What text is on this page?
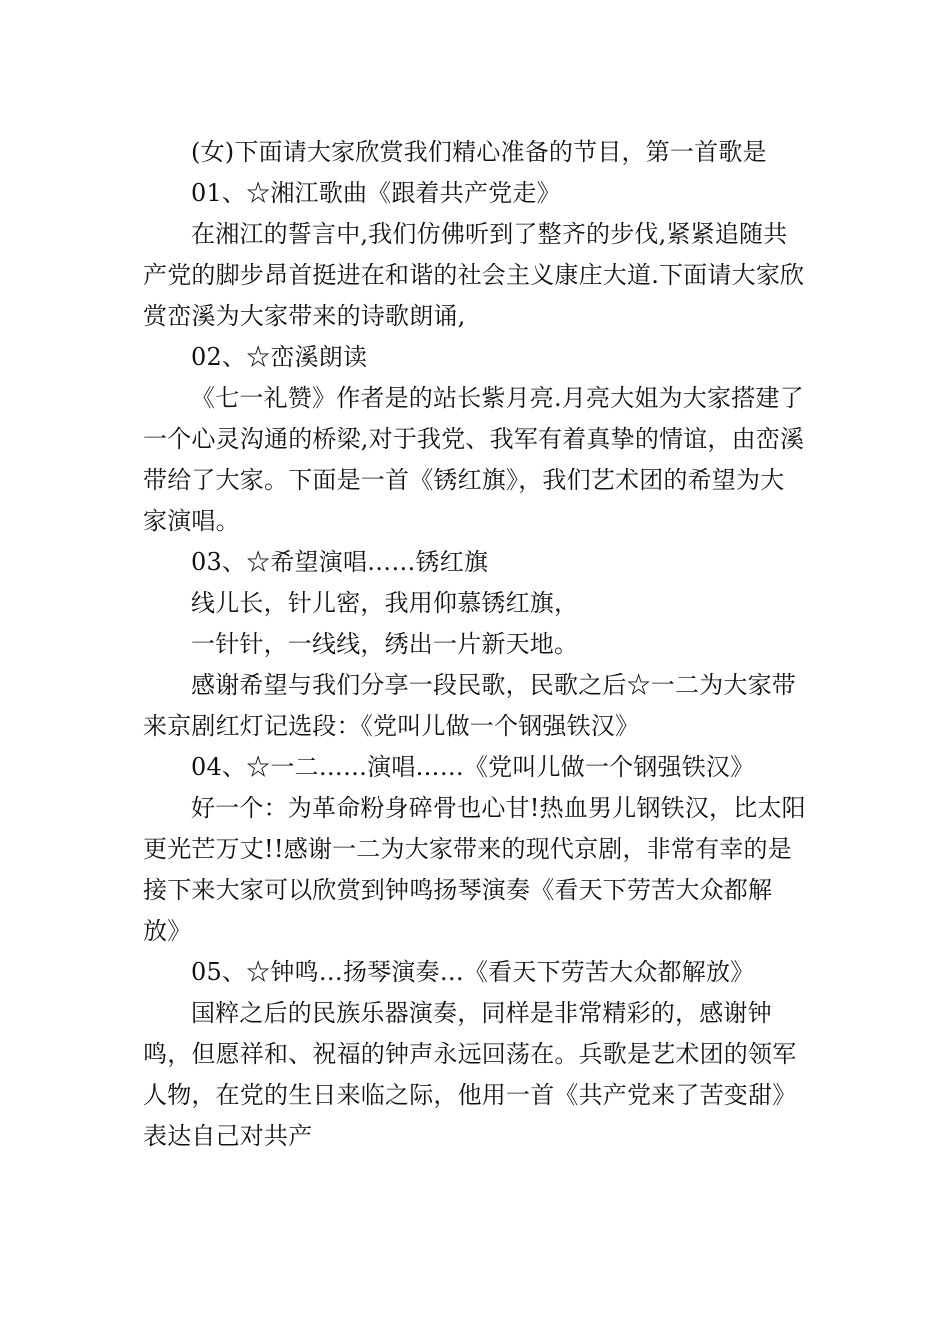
(女)下面请大家欣赏我们精心准备的节目，第一首歌是

01、☆湘江歌曲《跟着共产党走》

在湘江的誓言中,我们仿佛听到了整齐的步伐,紧紧追随共产党的脚步昂首挺进在和谐的社会主义康庄大道.下面请大家欣赏峦溪为大家带来的诗歌朗诵,

02、☆峦溪朗读

《七一礼赞》作者是的站长紫月亮.月亮大姐为大家搭建了一个心灵沟通的桥梁,对于我党、我军有着真挚的情谊，由峦溪带给了大家。下面是一首《锈红旗》，我们艺术团的希望为大家演唱。

03、☆希望演唱……锈红旗

线儿长，针儿密，我用仰慕锈红旗，

一针针，一线线，绣出一片新天地。

感谢希望与我们分享一段民歌，民歌之后☆一二为大家带来京剧红灯记选段：《党叫儿做一个钢强铁汉》

04、☆一二……演唱……《党叫儿做一个钢强铁汉》

好一个：为革命粉身碎骨也心甘!热血男儿钢铁汉，比太阳更光芒万丈!!感谢一二为大家带来的现代京剧，非常有幸的是接下来大家可以欣赏到钟鸣扬琴演奏《看天下劳苦大众都解放》

05、☆钟鸣…扬琴演奏…《看天下劳苦大众都解放》

国粹之后的民族乐器演奏，同样是非常精彩的，感谢钟鸣，但愿祥和、祝福的钟声永远回荡在。兵歌是艺术团的领军人物，在党的生日来临之际，他用一首《共产党来了苦变甜》表达自己对共产
